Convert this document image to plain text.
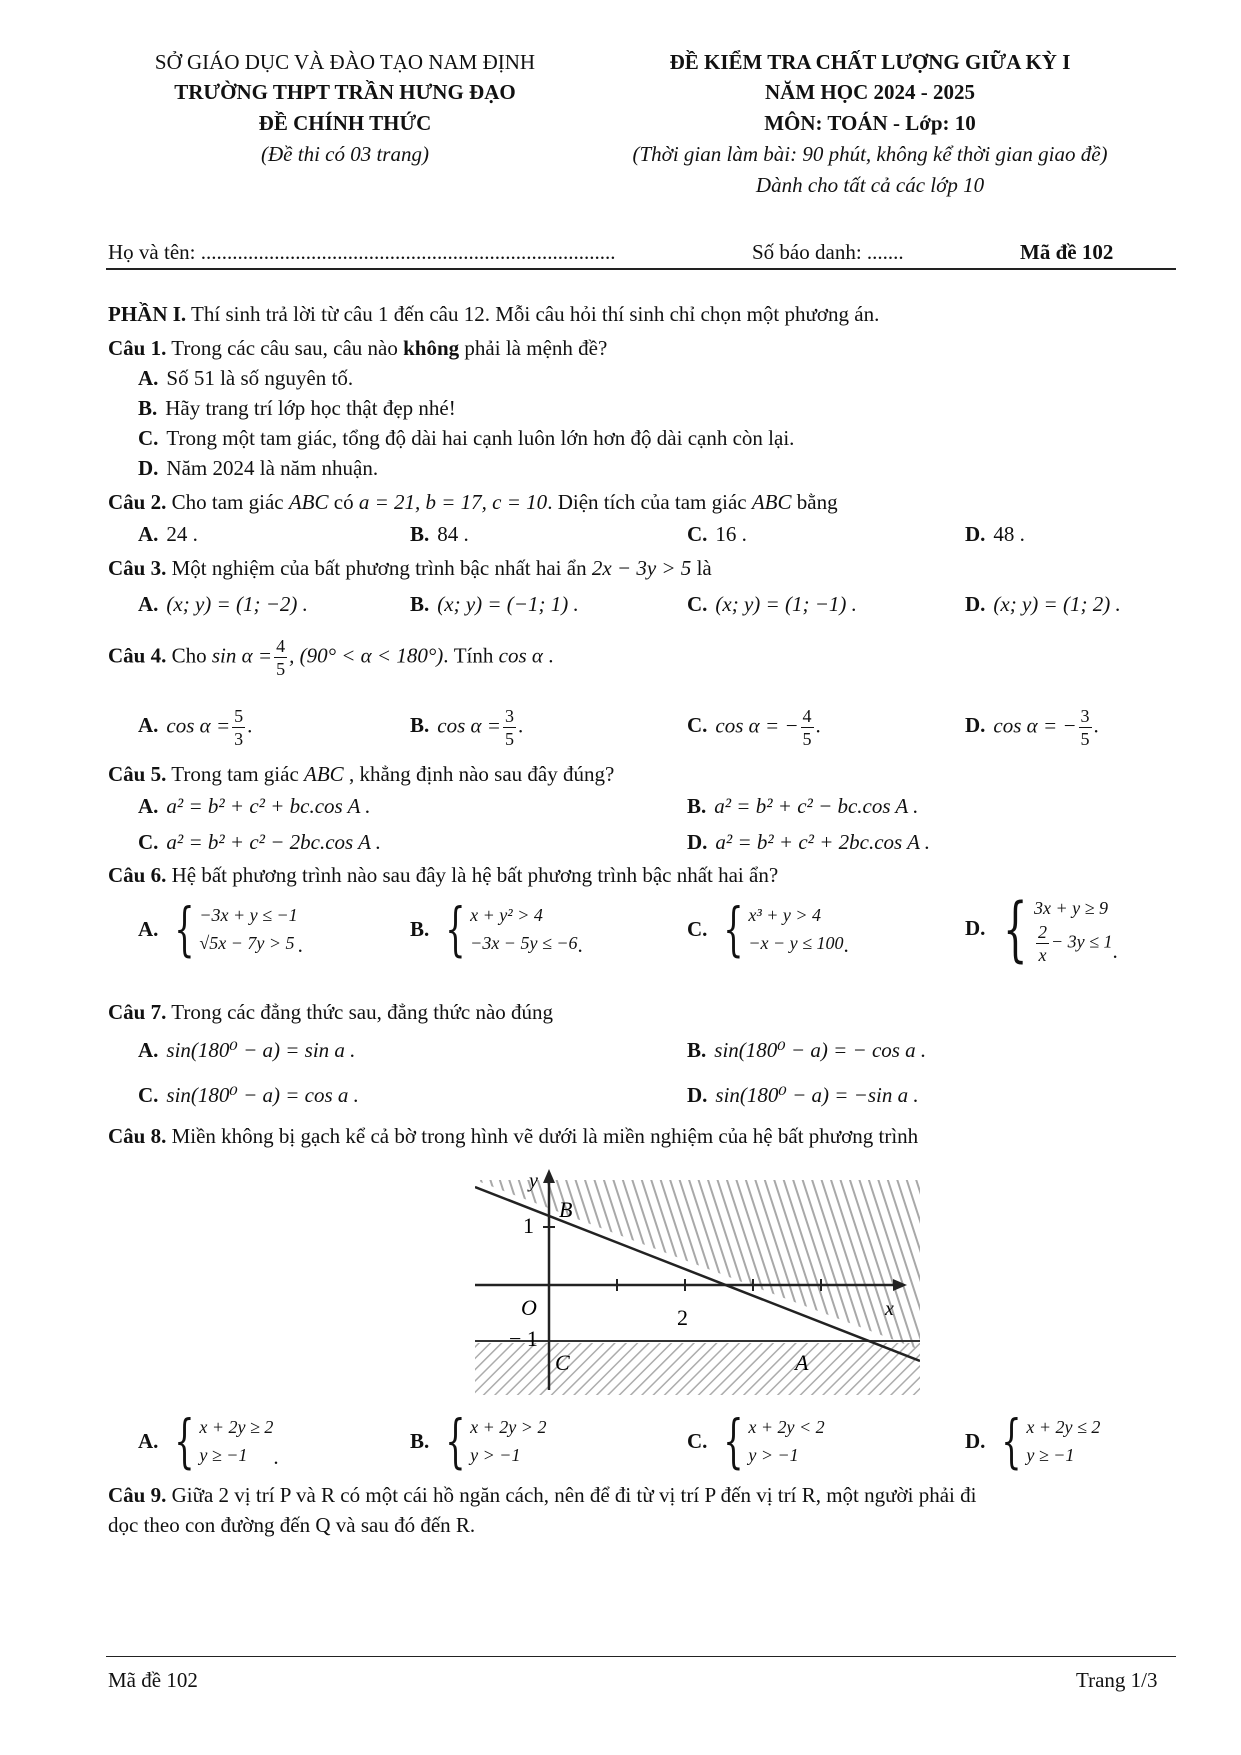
SỞ GIÁO DỤC VÀ ĐÀO TẠO NAM ĐỊNH
TRƯỜNG THPT TRẦN HƯNG ĐẠO
ĐỀ CHÍNH THỨC
(Đề thi có 03 trang)
ĐỀ KIỂM TRA CHẤT LƯỢNG GIỮA KỲ I
NĂM HỌC 2024 - 2025
MÔN: TOÁN - Lớp: 10
(Thời gian làm bài: 90 phút, không kể thời gian giao đề)
Dành cho tất cả các lớp 10
Họ và tên: ...............................................................................	Số báo danh: .......	Mã đề 102
PHẦN I. Thí sinh trả lời từ câu 1 đến câu 12. Mỗi câu hỏi thí sinh chỉ chọn một phương án.
Câu 1. Trong các câu sau, câu nào không phải là mệnh đề?
A. Số 51 là số nguyên tố.
B. Hãy trang trí lớp học thật đẹp nhé!
C. Trong một tam giác, tổng độ dài hai cạnh luôn lớn hơn độ dài cạnh còn lại.
D. Năm 2024 là năm nhuận.
Câu 2. Cho tam giác ABC có a = 21, b = 17, c = 10. Diện tích của tam giác ABC bằng
A. 24 .	B. 84 .	C. 16 .	D. 48 .
Câu 3. Một nghiệm của bất phương trình bậc nhất hai ẩn 2x − 3y > 5 là
A. (x; y) = (1; −2) .	B. (x; y) = (−1; 1) .	C. (x; y) = (1; −1) .	D. (x; y) = (1; 2) .
Câu 4. Cho $\sin \alpha = \frac{4}{5}$ , (90° < α < 180°). Tính cos α .
A. $\cos \alpha = \frac{5}{3}$ .	B. $\cos \alpha = \frac{3}{5}$ .	C. cos α = − $\frac{4}{5}$ .	D. cos α = − $\frac{3}{5}$ .
Câu 5. Trong tam giác ABC , khẳng định nào sau đây đúng?
A. a² = b² + c² + bc.cos A .	B. a² = b² + c² − bc.cos A .
C. a² = b² + c² − 2bc.cos A .	D. a² = b² + c² + 2bc.cos A .
Câu 6. Hệ bất phương trình nào sau đây là hệ bất phương trình bậc nhất hai ẩn?
A. { −3x + y ≤ −1
√5x − 7y > 5 .
B. { x + y² > 4
−3x − 5y ≤ −6 .
C. { x³ + y > 4
−x − y ≤ 100 .
D. { 3x + y ≥ 9
$\frac{2}{x} - 3y \le 1$ .
Câu 7. Trong các đẳng thức sau, đẳng thức nào đúng
A. sin(180⁰ − a) = sin a .	B. sin(180⁰ − a) = − cos a .
C. sin(180⁰ − a) = cos a .	D. sin(180⁰ − a) = −sin a .
Câu 8. Miền không bị gạch kể cả bờ trong hình vẽ dưới là miền nghiệm của hệ bất phương trình
y
x
B
1
O	2
− 1
C	A
A. { x + 2y ≥ 2
y ≥ −1	.
B. { x + 2y > 2
y > −1
C. { x + 2y < 2
y > −1
D. { x + 2y ≤ 2
y ≥ −1
Câu 9. Giữa 2 vị trí P và R có một cái hồ ngăn cách, nên để đi từ vị trí P đến vị trí R, một người phải đi
dọc theo con đường đến Q và sau đó đến R.
Mã đề 102	Trang 1/3
